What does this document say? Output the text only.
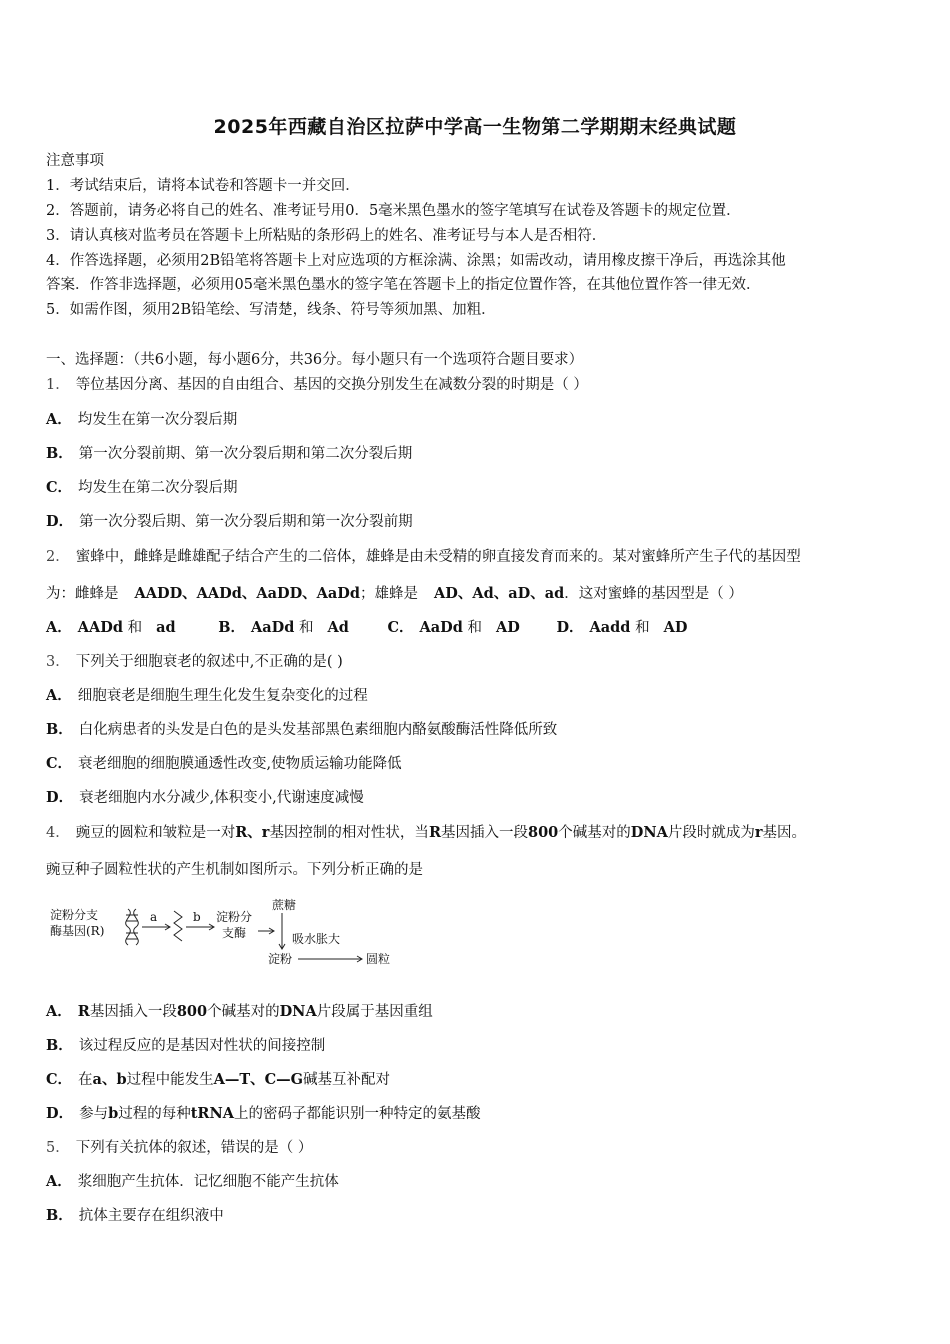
2025年西藏自治区拉萨中学高一生物第二学期期末经典试题
注意事项
1．考试结束后，请将本试卷和答题卡一并交回．
2．答题前，请务必将自己的姓名、准考证号用0．5毫米黑色墨水的签字笔填写在试卷及答题卡的规定位置．
3．请认真核对监考员在答题卡上所粘贴的条形码上的姓名、准考证号与本人是否相符．
4．作答选择题，必须用2B铅笔将答题卡上对应选项的方框涂满、涂黑；如需改动，请用橡皮擦干净后，再选涂其他
答案．作答非选择题，必须用05毫米黑色墨水的签字笔在答题卡上的指定位置作答，在其他位置作答一律无效．
5．如需作图，须用2B铅笔绘、写清楚，线条、符号等须加黑、加粗．
一、选择题：（共6小题，每小题6分，共36分。每小题只有一个选项符合题目要求）
1． 等位基因分离、基因的自由组合、基因的交换分别发生在减数分裂的时期是（ ）
A． 均发生在第一次分裂后期
B． 第一次分裂前期、第一次分裂后期和第二次分裂后期
C． 均发生在第二次分裂后期
D． 第一次分裂后期、第一次分裂后期和第一次分裂前期
2． 蜜蜂中，雌蜂是雌雄配子结合产生的二倍体，雄蜂是由未受精的卵直接发育而来的。某对蜜蜂所产生子代的基因型
为：雌蜂是 AADD、AADd、AaDD、AaDd；雄蜂是 AD、Ad、aD、ad．这对蜜蜂的基因型是（ ）
A． AADd 和 ad	B． AaDd 和 Ad	C． AaDd 和 AD	D． Aadd 和 AD
3． 下列关于细胞衰老的叙述中,不正确的是( )
A． 细胞衰老是细胞生理生化发生复杂变化的过程
B． 白化病患者的头发是白色的是头发基部黑色素细胞内酪氨酸酶活性降低所致
C． 衰老细胞的细胞膜通透性改变,使物质运输功能降低
D． 衰老细胞内水分减少,体积变小,代谢速度减慢
4． 豌豆的圆粒和皱粒是一对R、r基因控制的相对性状，当R基因插入一段800个碱基对的DNA片段时就成为r基因。
豌豆种子圆粒性状的产生机制如图所示。下列分析正确的是
淀粉分支
酶基因(R)
a	b 淀粉分
支酶
蔗糖
吸水胀大
淀粉	圆粒
A． R基因插入一段800个碱基对的DNA片段属于基因重组
B． 该过程反应的是基因对性状的间接控制
C． 在a、b过程中能发生A—T、C—G碱基互补配对
D． 参与b过程的每种tRNA上的密码子都能识别一种特定的氨基酸
5． 下列有关抗体的叙述，错误的是（ ）
A． 浆细胞产生抗体．记忆细胞不能产生抗体
B． 抗体主要存在组织液中
